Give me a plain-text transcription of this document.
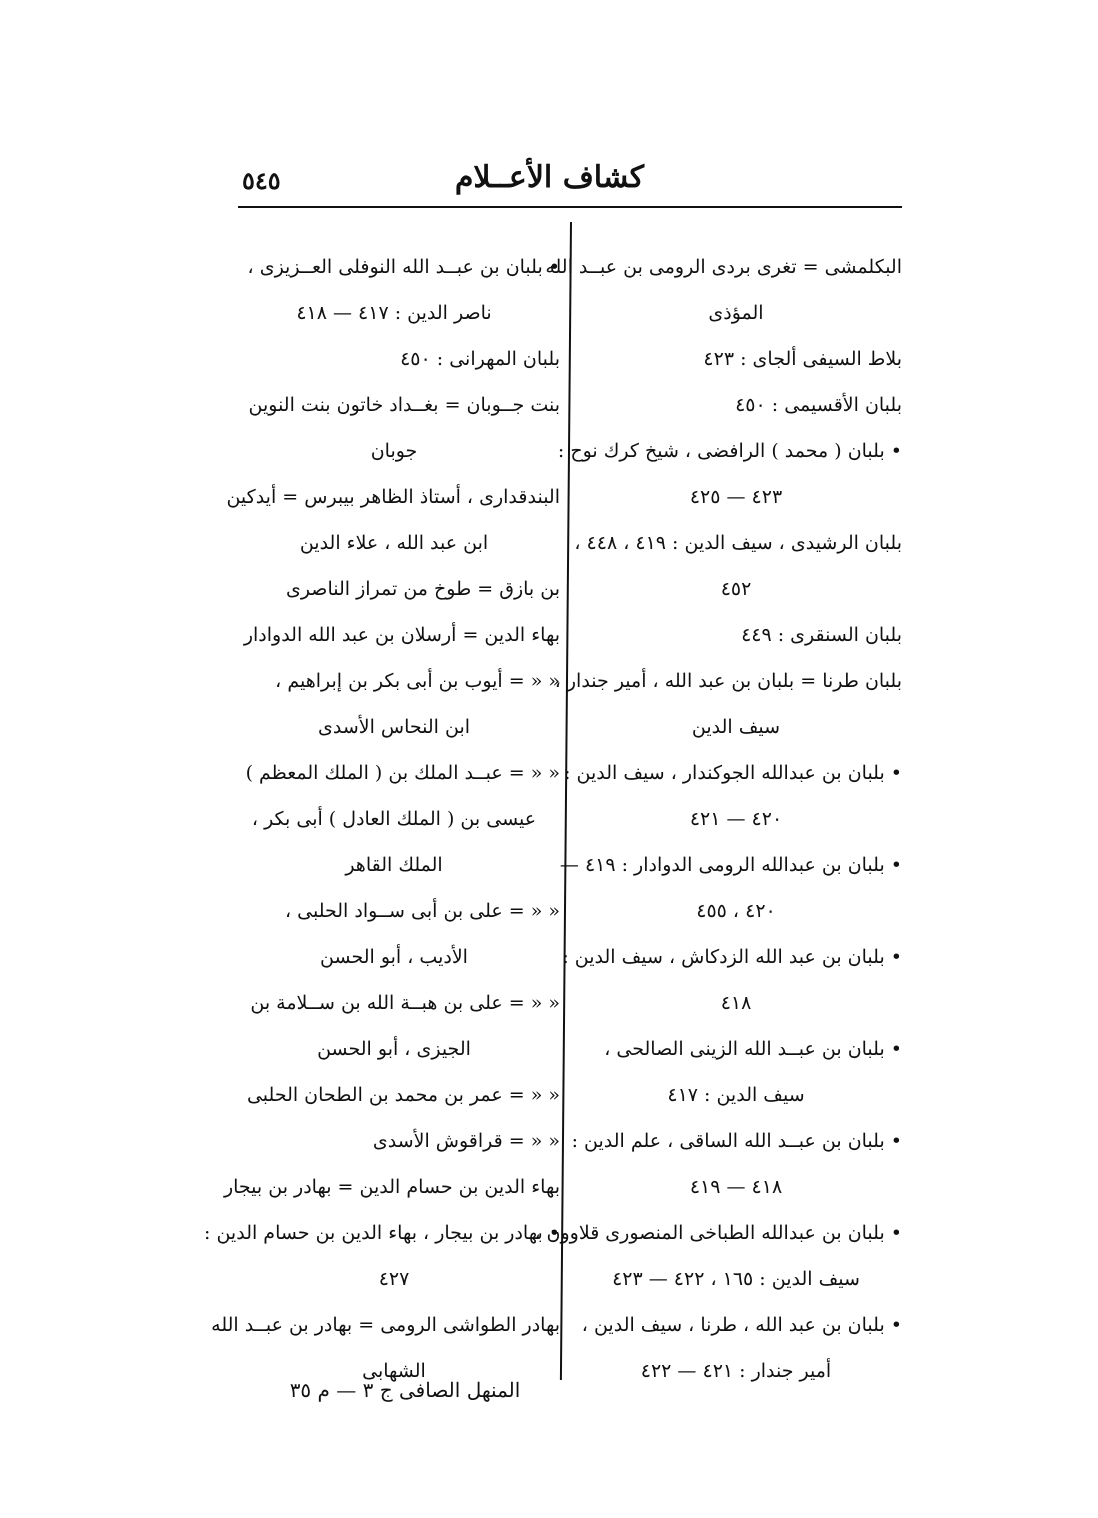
كشاف الأعــلام
٥٤٥
البكلمشى = تغرى بردى الرومى بن عبــد الله
المؤذى
بلاط السيفى ألجاى : ٤٢٣
بلبان الأقسيمى : ٤٥٠
• بلبان ( محمد ) الرافضى ، شيخ كرك نوح :
٤٢٣ — ٤٢٥
بلبان الرشيدى ، سيف الدين : ٤١٩ ، ٤٤٨ ،
٤٥٢
بلبان السنقرى : ٤٤٩
بلبان طرنا = بلبان بن عبد الله ، أمير جندار ،
سيف الدين
• بلبان بن عبدالله الجوكندار ، سيف الدين :
٤٢٠ — ٤٢١
• بلبان بن عبدالله الرومى الدوادار : ٤١٩ —
٤٢٠ ، ٤٥٥
• بلبان بن عبد الله الزدكاش ، سيف الدين :
٤١٨
• بلبان بن عبــد الله الزينى الصالحى ،
سيف الدين : ٤١٧
• بلبان بن عبــد الله الساقى ، علم الدين :
٤١٨ — ٤١٩
• بلبان بن عبدالله الطباخى المنصورى قلاوون ،
سيف الدين : ١٦٥ ، ٤٢٢ — ٤٢٣
• بلبان بن عبد الله ، طرنا ، سيف الدين ،
أمير جندار : ٤٢١ — ٤٢٢
• بلبان بن عبــد الله النوفلى العــزيزى ،
ناصر الدين : ٤١٧ — ٤١٨
بلبان المهرانى : ٤٥٠
بنت جــوبان = بغــداد خاتون بنت النوين
جوبان
البندقدارى ، أستاذ الظاهر بيبرس = أيدكين
ابن عبد الله ، علاء الدين
بن بازق = طوخ من تمراز الناصرى
بهاء الدين = أرسلان بن عبد الله الدوادار
« « = أيوب بن أبى بكر بن إبراهيم ،
ابن النحاس الأسدى
« « = عبــد الملك بن ( الملك المعظم )
عيسى بن ( الملك العادل ) أبى بكر ،
الملك القاهر
« « = على بن أبى ســواد الحلبى ،
الأديب ، أبو الحسن
« « = على بن هبــة الله بن ســلامة بن
الجيزى ، أبو الحسن
« « = عمر بن محمد بن الطحان الحلبى
« « = قراقوش الأسدى
بهاء الدين بن حسام الدين = بهادر بن بيجار
• بهادر بن بيجار ، بهاء الدين بن حسام الدين :
٤٢٧
بهادر الطواشى الرومى = بهادر بن عبــد الله
الشهابى
المنهل الصافى ج ٣ — م ٣٥
